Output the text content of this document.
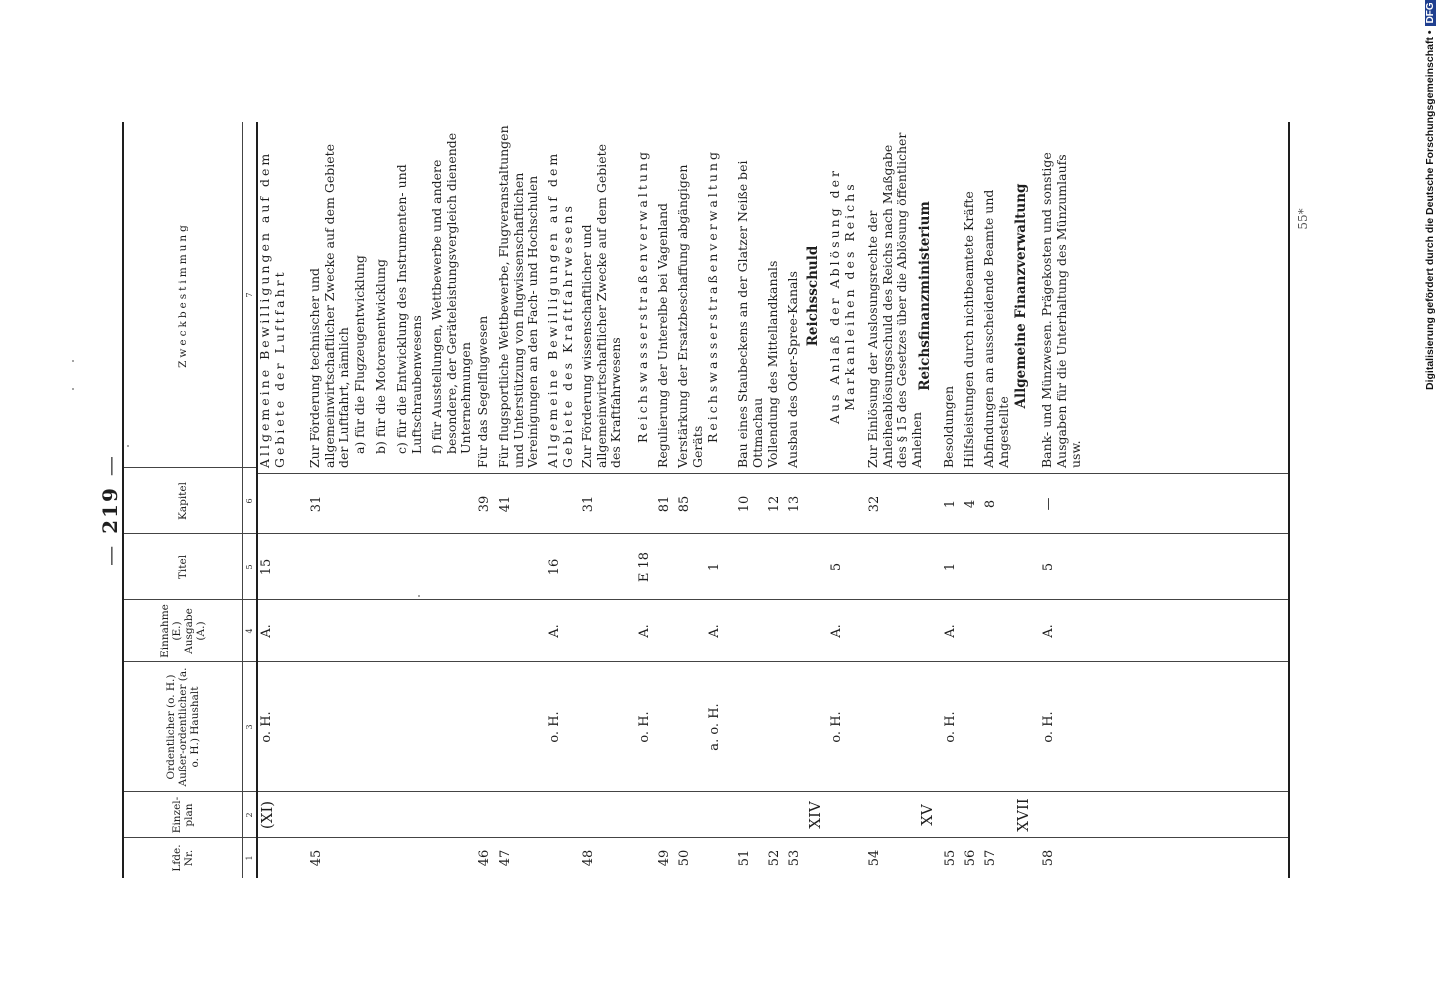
—219—
55*	Digitalisierung gefördert durch die Deutsche Forschungsgemeinschaft •
DFG
Lfde. Nr.
Einzel-plan
Ordentlicher (o. H.) Außer-ordentlicher (a. o. H.) Haushalt
Einnahme (E.) Ausgabe (A.)
Titel
Kapitel
Zweckbestimmung
1
2
3
4
5
6
7
(XI)
o. H.
A.
15
Allgemeine Bewilligungen auf dem Gebiete der Luftfahrt
45
31
Zur Förderung technischer und allgemeinwirtschaftlicher Zwecke auf dem Gebiete der Luftfahrt, nämlich a) für die Flugzeugentwicklung b) für die Motorenentwicklung c) für die Entwicklung des Instrumenten- und Luftschraubenwesens f) für Ausstellungen, Wettbewerbe und andere besondere, der Geräteleistungsvergleich dienende Unternehmungen
46
39
Für das Segelflugwesen
47
41
Für flugsportliche Wettbewerbe, Flugveranstaltungen und Unterstützung von flugwissenschaftlichen Vereinigungen an den Fach- und Hochschulen
o. H.
A.
16
Allgemeine Bewilligungen auf dem Gebiete des Kraftfahrwesens
48
31
Zur Förderung wissenschaftlicher und allgemeinwirtschaftlicher Zwecke auf dem Gebiete des Kraftfahrwesens
o. H.
A.
E 18
Reichswasserstraßenverwaltung
49
81
Regulierung der Unterelbe bei Vagenland
50
85
Verstärkung der Ersatzbeschaffung abgängigen Geräts
a. o. H.
A.
1
Reichswasserstraßenverwaltung
51
10
Bau eines Staubeckens an der Glatzer Neiße bei Ottmachau
52
12
Vollendung des Mittellandkanals
53
13
Ausbau des Oder-Spree-Kanals
XIV
Reichsschuld
o. H.
A.
5
Aus Anlaß der Ablösung der Markanleihen des Reichs
54
32
Zur Einlösung der Auslosungsrechte der Anleiheablösungsschuld des Reichs nach Maßgabe des § 15 des Gesetzes über die Ablösung öffentlicher Anleihen
XV
Reichsfinanzministerium
55
o. H.
A.
1
1
Besoldungen
56
4
Hilfsleistungen durch nichtbeamtete Kräfte
57
8
Abfindungen an ausscheidende Beamte und Angestellte
XVII
Allgemeine Finanzverwaltung
58
o. H.
A.
5
—
Bank- und Münzwesen. Prägekosten und sonstige Ausgaben für die Unterhaltung des Münzumlaufs usw.
